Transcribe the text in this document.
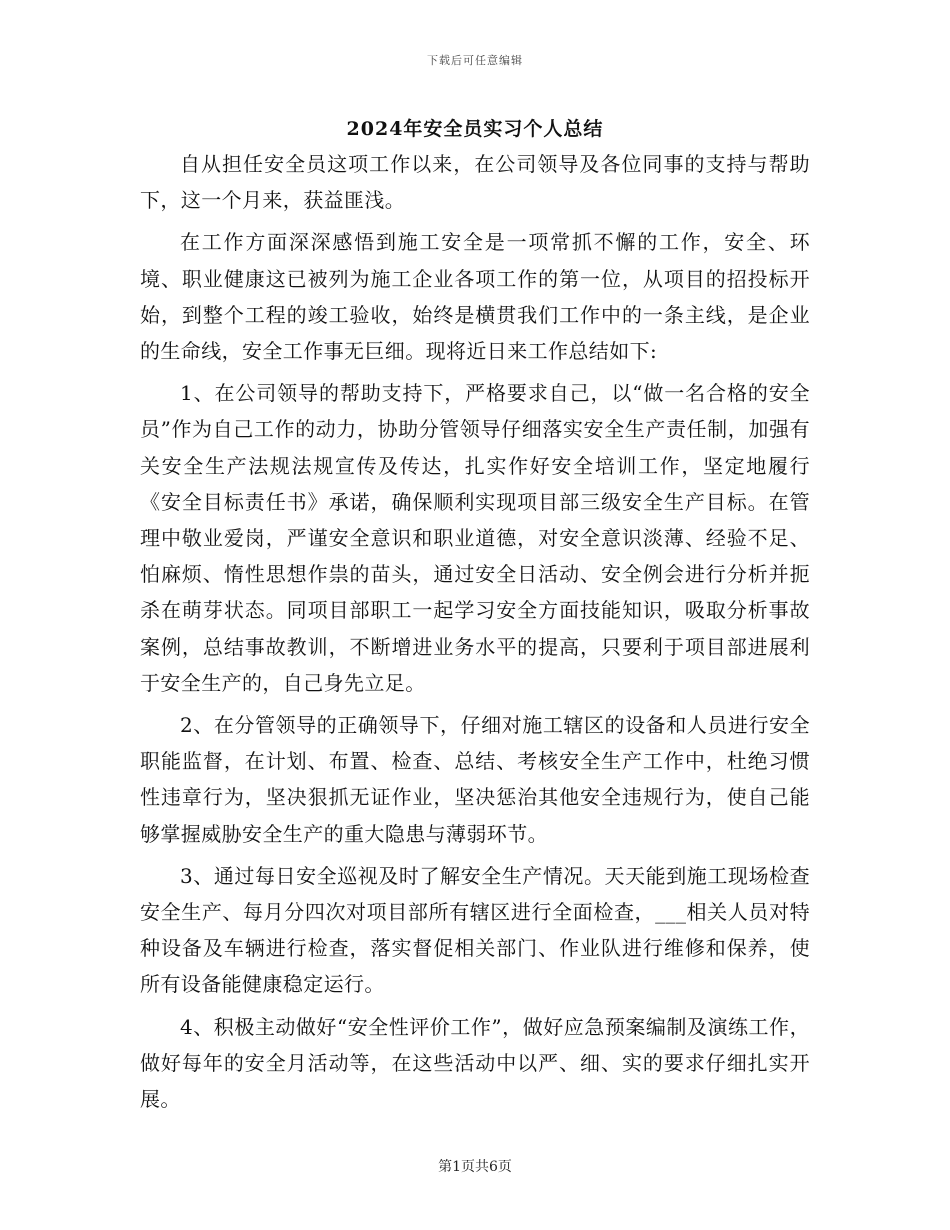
下载后可任意编辑
2024年安全员实习个人总结

自从担任安全员这项工作以来，在公司领导及各位同事的支持与帮助下，这一个月来，获益匪浅。

在工作方面深深感悟到施工安全是一项常抓不懈的工作，安全、环境、职业健康这已被列为施工企业各项工作的第一位，从项目的招投标开始，到整个工程的竣工验收，始终是横贯我们工作中的一条主线，是企业的生命线，安全工作事无巨细。现将近日来工作总结如下:

1、在公司领导的帮助支持下，严格要求自己，以“做一名合格的安全员”作为自己工作的动力，协助分管领导仔细落实安全生产责任制，加强有关安全生产法规法规宣传及传达，扎实作好安全培训工作，坚定地履行《安全目标责任书》承诺，确保顺利实现项目部三级安全生产目标。在管理中敬业爱岗，严谨安全意识和职业道德，对安全意识淡薄、经验不足、怕麻烦、惰性思想作祟的苗头，通过安全日活动、安全例会进行分析并扼杀在萌芽状态。同项目部职工一起学习安全方面技能知识，吸取分析事故案例，总结事故教训，不断增进业务水平的提高，只要利于项目部进展利于安全生产的，自己身先立足。

2、在分管领导的正确领导下，仔细对施工辖区的设备和人员进行安全职能监督，在计划、布置、检查、总结、考核安全生产工作中，杜绝习惯性违章行为，坚决狠抓无证作业，坚决惩治其他安全违规行为，使自己能够掌握威胁安全生产的重大隐患与薄弱环节。

3、通过每日安全巡视及时了解安全生产情况。天天能到施工现场检查安全生产、每月分四次对项目部所有辖区进行全面检查，___相关人员对特种设备及车辆进行检查，落实督促相关部门、作业队进行维修和保养，使所有设备能健康稳定运行。

4、积极主动做好“安全性评价工作”，做好应急预案编制及演练工作，做好每年的安全月活动等，在这些活动中以严、细、实的要求仔细扎实开展。

第1页共6页
